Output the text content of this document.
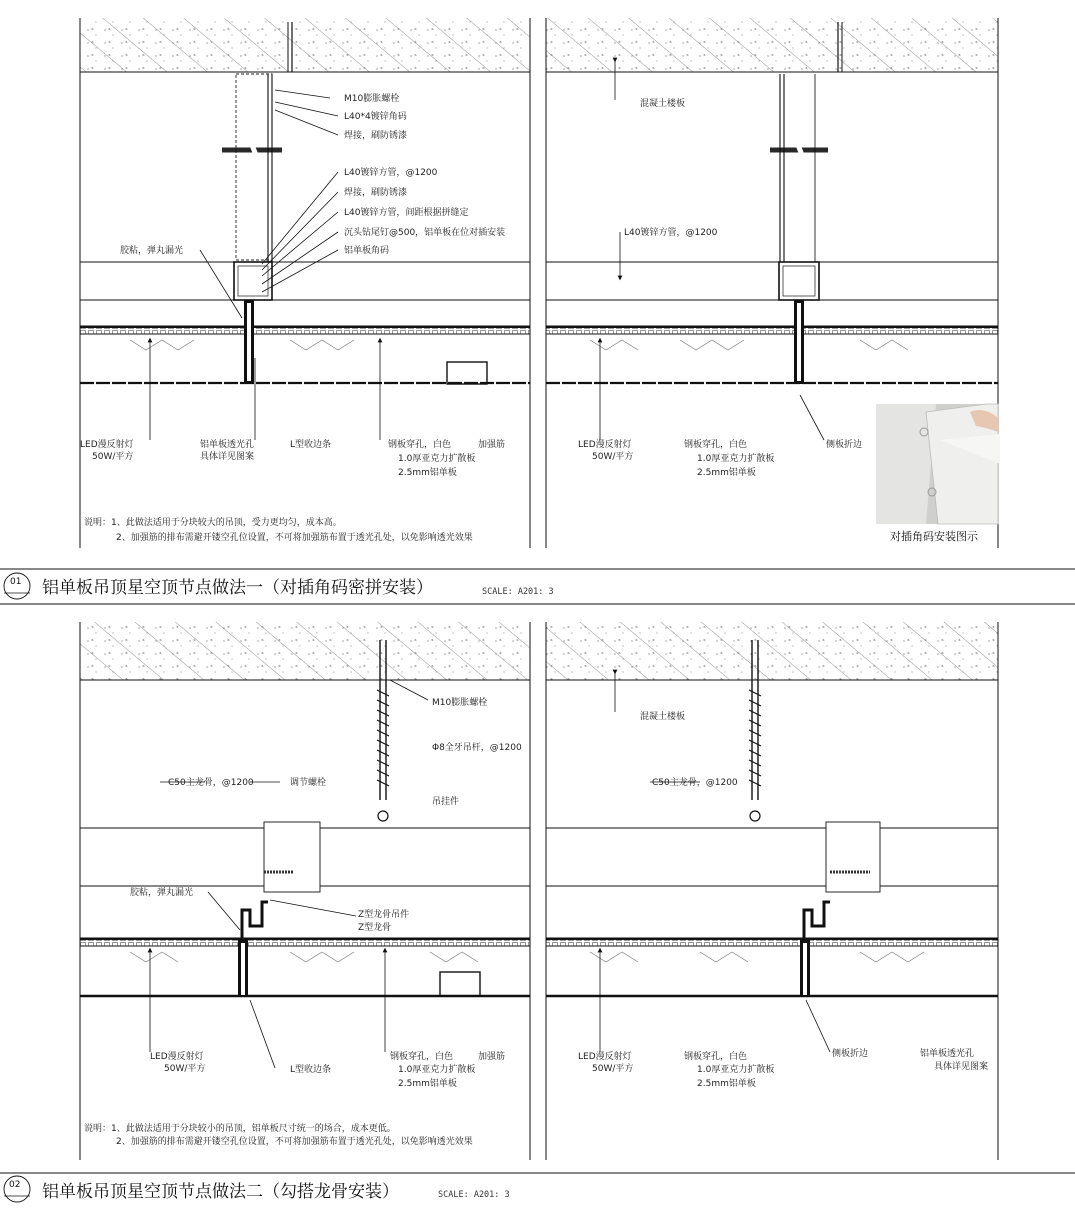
M10膨胀螺栓
L40*4镀锌角码
焊接，刷防锈漆
L40镀锌方管，@1200
焊接，刷防锈漆
L40镀锌方管，间距根据拼缝定
沉头钻尾钉@500，铝单板在位对插安装
铝单板角码
胶粘，弹丸漏光
LED漫反射灯
50W/平方
铝单板透光孔
具体详见图案
L型收边条	钢板穿孔，白色
1.0厚亚克力扩散板
2.5mm铝单板
加强筋
说明：1、此做法适用于分块较大的吊顶，受力更均匀，成本高。
2、加强筋的排布需避开镂空孔位设置，不可将加强筋布置于透光孔处，以免影响透光效果
混凝土楼板
L40镀锌方管，@1200
LED漫反射灯
50W/平方
钢板穿孔，白色
1.0厚亚克力扩散板
2.5mm铝单板
侧板折边
对插角码安装图示
01 铝单板吊顶星空顶节点做法一（对插角码密拼安装）	SCALE: A201: 3
M10膨胀螺栓
Φ8全牙吊杆，@1200
C50主龙骨，@1200	调节螺栓
吊挂件
胶粘，弹丸漏光
Z型龙骨吊件
Z型龙骨
LED漫反射灯
50W/平方	L型收边条
钢板穿孔，白色
1.0厚亚克力扩散板
2.5mm铝单板
加强筋
说明：1、此做法适用于分块较小的吊顶，铝单板尺寸统一的场合，成本更低。
2、加强筋的排布需避开镂空孔位设置，不可将加强筋布置于透光孔处，以免影响透光效果
混凝土楼板
C50主龙骨，@1200
LED漫反射灯
50W/平方
钢板穿孔，白色
1.0厚亚克力扩散板
2.5mm铝单板
侧板折边	铝单板透光孔
具体详见图案
02 铝单板吊顶星空顶节点做法二（勾搭龙骨安装）	SCALE: A201: 3
